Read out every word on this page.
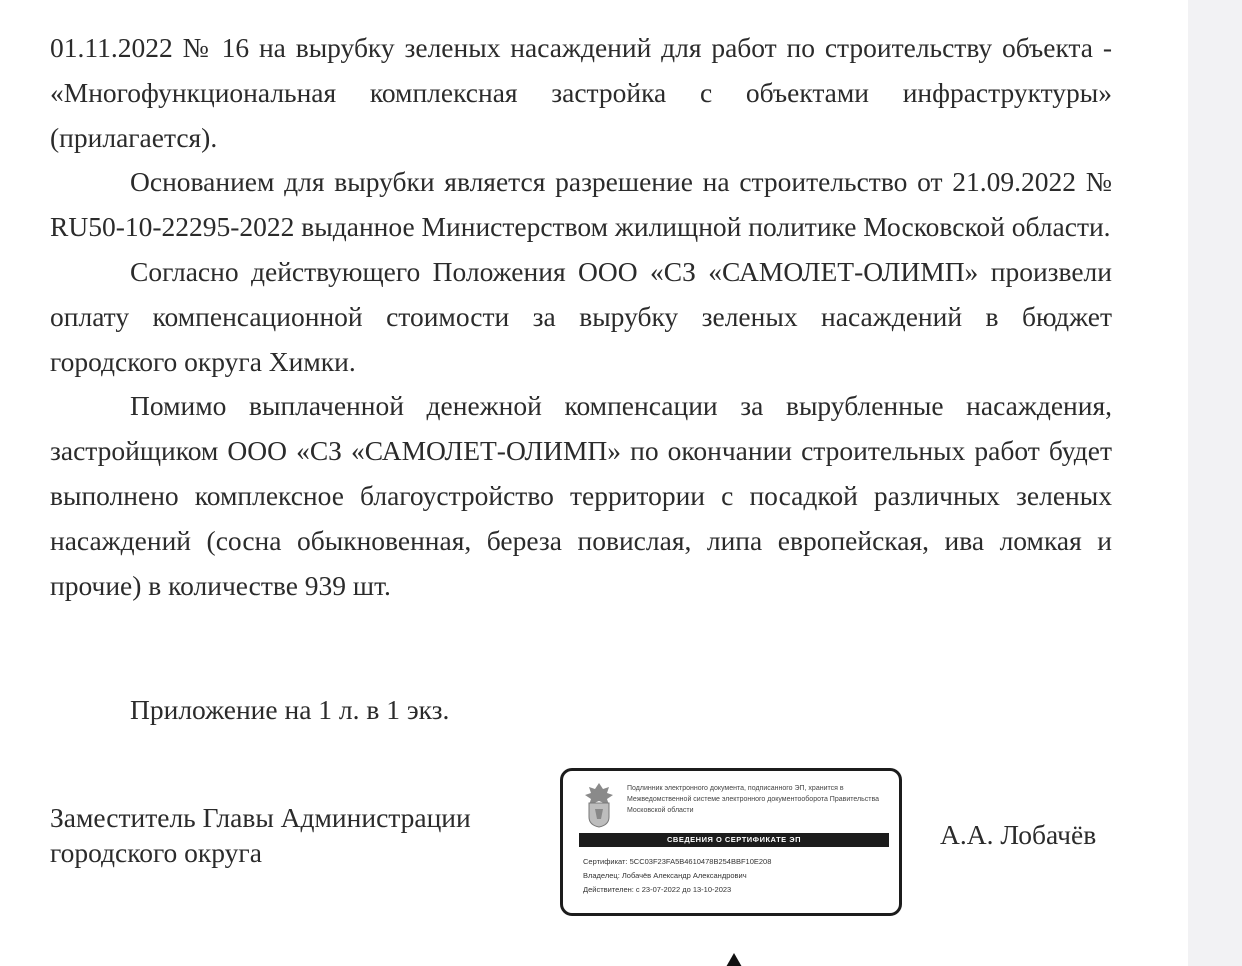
01.11.2022 № 16 на вырубку зеленых насаждений для работ по строительству объекта - «Многофункциональная комплексная застройка с объектами инфраструктуры» (прилагается).

Основанием для вырубки является разрешение на строительство от 21.09.2022 № RU50-10-22295-2022 выданное Министерством жилищной политике Московской области.

Согласно действующего Положения ООО «СЗ «САМОЛЕТ-ОЛИМП» произвели оплату компенсационной стоимости за вырубку зеленых насаждений в бюджет городского округа Химки.

Помимо выплаченной денежной компенсации за вырубленные насаждения, застройщиком ООО «СЗ «САМОЛЕТ-ОЛИМП» по окончании строительных работ будет выполнено комплексное благоустройство территории с посадкой различных зеленых насаждений (сосна обыкновенная, береза повислая, липа европейская, ива ломкая и прочие) в количестве 939 шт.

Приложение на 1 л. в 1 экз.
Заместитель Главы Администрации
городского округа
Подлинник электронного документа, подписанного ЭП, хранится в Межведомственной системе электронного документооборота Правительства Московской области
СВЕДЕНИЯ О СЕРТИФИКАТЕ ЭП
Сертификат: 5CC03F23FA5B4610478B254BBF10E208
Владелец: Лобачёв Александр Александрович
Действителен: с 23-07-2022 до 13-10-2023
А.А. Лобачёв
